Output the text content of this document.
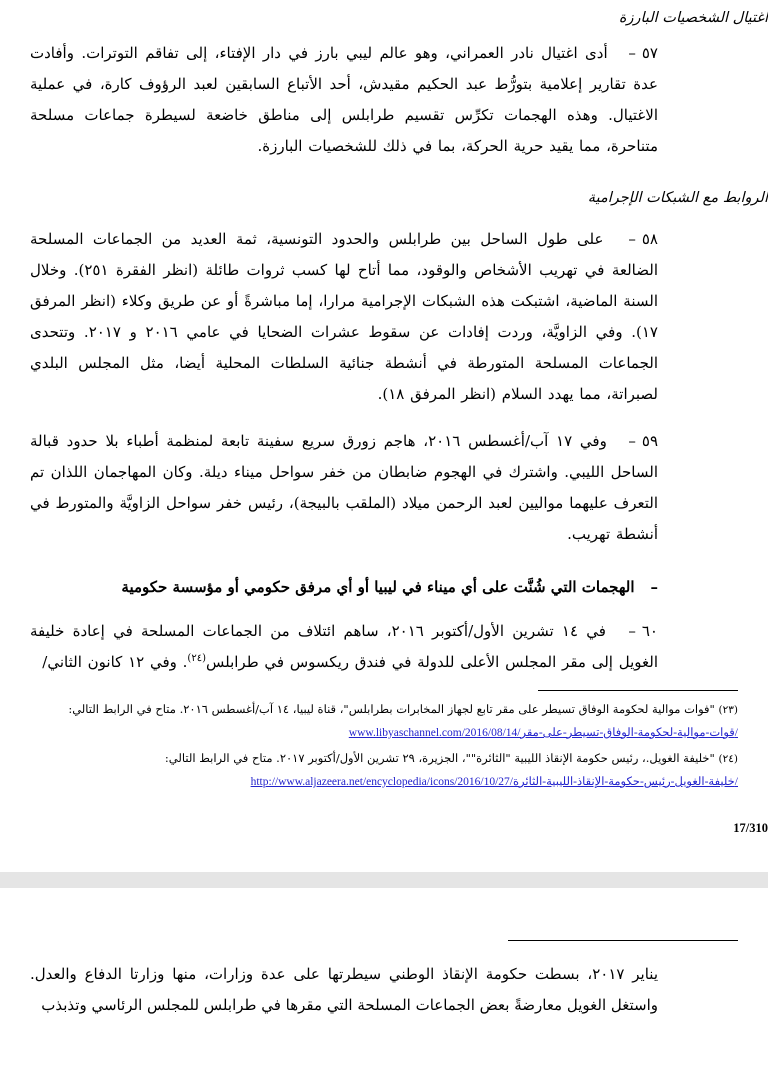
اغتيال الشخصيات البارزة

٥٧–  أدى اغتيال نادر العمراني، وهو عالم ليبي بارز في دار الإفتاء، إلى تفاقم التوترات. وأفادت عدة تقارير إعلامية بتورُّط عبد الحكيم مقيدش، أحد الأتباع السابقين لعبد الرؤوف كارة، في عملية الاغتيال. وهذه الهجمات تكرِّس تقسيم طرابلس إلى مناطق خاضعة لسيطرة جماعات مسلحة متناحرة، مما يقيد حرية الحركة، بما في ذلك للشخصيات البارزة.

الروابط مع الشبكات الإجرامية

٥٨–  على طول الساحل بين طرابلس والحدود التونسية، ثمة العديد من الجماعات المسلحة الضالعة في تهريب الأشخاص والوقود، مما أتاح لها كسب ثروات طائلة (انظر الفقرة ٢٥١). وخلال السنة الماضية، اشتبكت هذه الشبكات الإجرامية مرارا، إما مباشرةً أو عن طريق وكلاء (انظر المرفق ١٧). وفي الزاويَّة، وردت إفادات عن سقوط عشرات الضحايا في عامي ٢٠١٦ و ٢٠١٧. وتتحدى الجماعات المسلحة المتورطة في أنشطة جنائية السلطات المحلية أيضا، مثل المجلس البلدي لصبراتة، مما يهدد السلام (انظر المرفق ١٨).

٥٩–  وفي ١٧ آب/أغسطس ٢٠١٦، هاجم زورق سريع سفينة تابعة لمنظمة أطباء بلا حدود قبالة الساحل الليبي. واشترك في الهجوم ضابطان من خفر سواحل ميناء ديلة. وكان المهاجمان اللذان تم التعرف عليهما مواليين لعبد الرحمن ميلاد (الملقب بالبيجة)، رئيس خفر سواحل الزاويَّة والمتورط في أنشطة تهريب.

–
الهجمات التي شُنَّت على أي ميناء في ليبيا أو أي مرفق حكومي أو مؤسسة حكومية

٦٠–  في ١٤ تشرين الأول/أكتوبر ٢٠١٦، ساهم ائتلاف من الجماعات المسلحة في إعادة خليفة الغويل إلى مقر المجلس الأعلى للدولة في فندق ريكسوس في طرابلس$^{(٢٤)}$. وفي ١٢ كانون الثاني/

(٢٣) "فوات موالية لحكومة الوفاق تسيطر على مقر تابع لجهاز المخابرات بطرابلس"، قناة ليبيا، ١٤ آب/أغسطس ٢٠١٦. متاح في الرابط التالي:

www.libyaschannel.com/2016/08/14/قوات-موالية-لحكومة-الوفاق-تسيطر-على-مقر/

(٢٤) "خليفة الغويل.، رئيس حكومة الإنقاذ الليبية "الثائرة""، الجزيرة، ٢٩ تشرين الأول/أكتوبر ٢٠١٧. متاح في الرابط التالي:

http://www.aljazeera.net/encyclopedia/icons/2016/10/27/خليفة-الغويل-رئيس-حكومة-الإنقاذ-الليبية-الثائرة/
17/310

يناير ٢٠١٧، بسطت حكومة الإنقاذ الوطني سيطرتها على عدة وزارات، منها وزارتا الدفاع والعدل. واستغل الغويل معارضةً بعض الجماعات المسلحة التي مقرها في طرابلس للمجلس الرئاسي وتذبذب
